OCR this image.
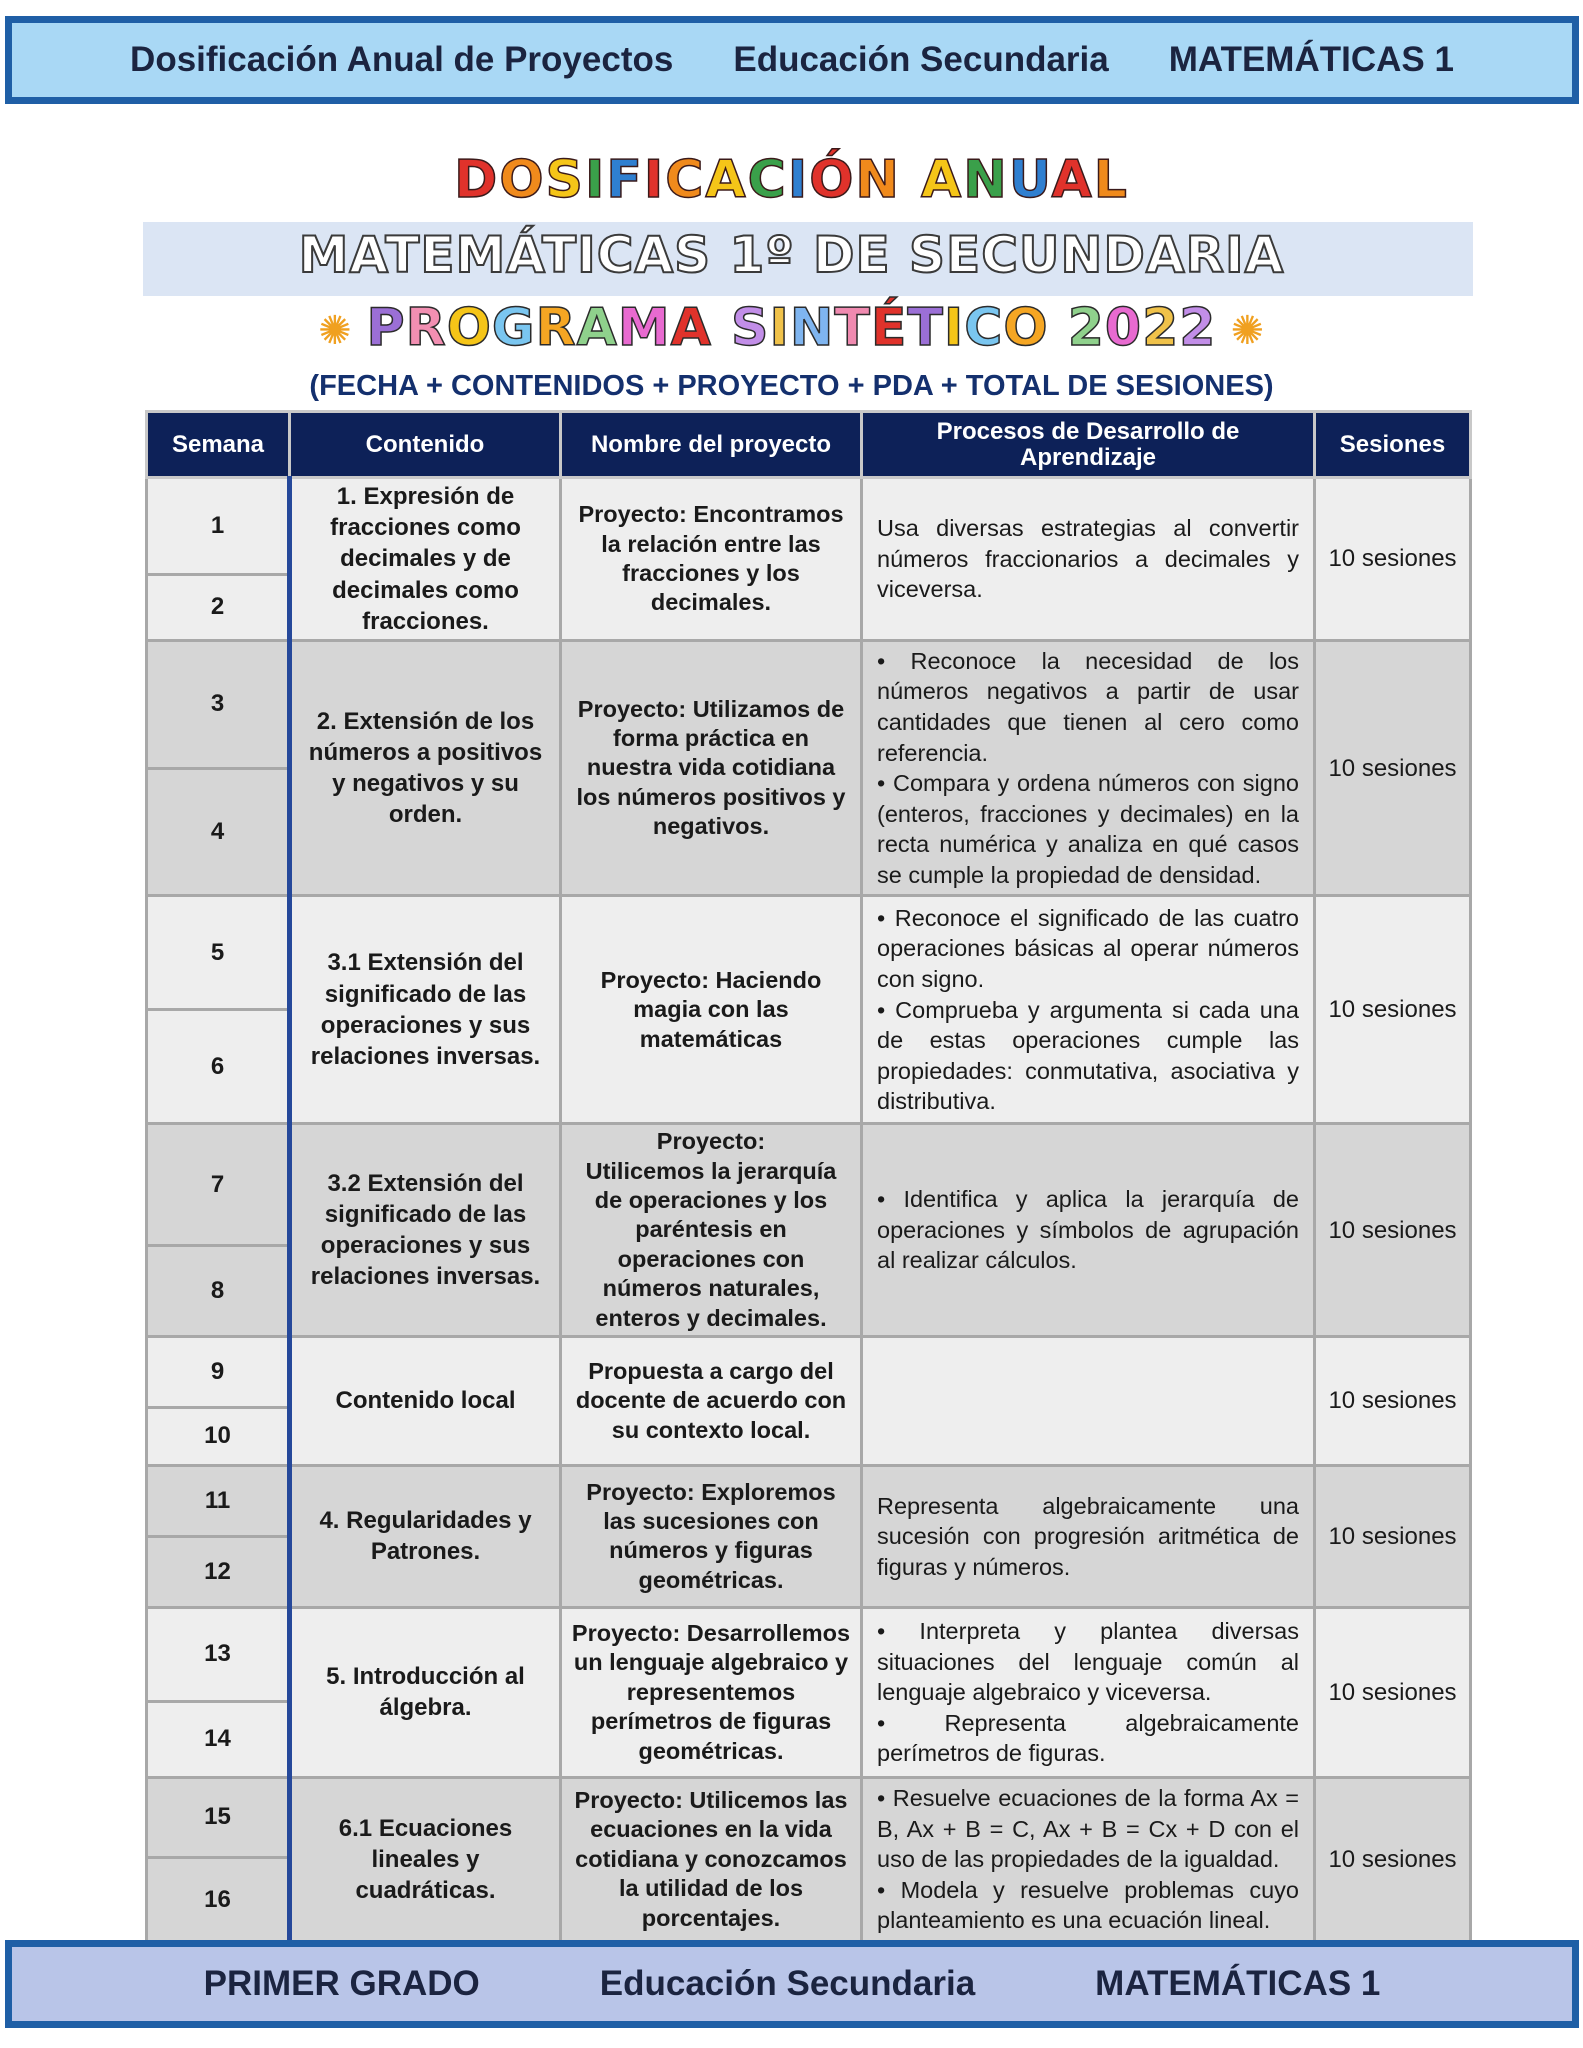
Dosificación Anual de Proyectos Educación Secundaria MATEMÁTICAS 1
DOSIFICACIÓN ANUAL
MATEMÁTICAS 1º DE SECUNDARIA
✺ PROGRAMA SINTÉTICO 2022 ✺
(FECHA + CONTENIDOS + PROYECTO + PDA + TOTAL DE SESIONES)
Semana	Contenido	Nombre del proyecto	Procesos de Desarrollo de Aprendizaje	Sesiones
1	1. Expresión de fracciones como decimales y de decimales como fracciones.	Proyecto: Encontramos la relación entre las fracciones y los decimales.	Usa diversas estrategias al convertir números fraccionarios a decimales y viceversa.	10 sesiones
2				
3	2. Extensión de los números a positivos y negativos y su orden.	Proyecto: Utilizamos de forma práctica en nuestra vida cotidiana los números positivos y negativos.	• Reconoce la necesidad de los números negativos a partir de usar cantidades que tienen al cero como referencia.

• Compara y ordena números con signo (enteros, fracciones y decimales) en la recta numérica y analiza en qué casos se cumple la propiedad de densidad.	10 sesiones
4				
5	3.1 Extensión del significado de las operaciones y sus relaciones inversas.	Proyecto: Haciendo magia con las matemáticas	• Reconoce el significado de las cuatro operaciones básicas al operar números con signo.

• Comprueba y argumenta si cada una de estas operaciones cumple las propiedades: conmutativa, asociativa y distributiva.	10 sesiones
6				
7	3.2 Extensión del significado de las operaciones y sus relaciones inversas.	Proyecto:
Utilicemos la jerarquía de operaciones y los paréntesis en operaciones con números naturales, enteros y decimales.	• Identifica y aplica la jerarquía de operaciones y símbolos de agrupación al realizar cálculos.	10 sesiones
8				
9	Contenido local	Propuesta a cargo del docente de acuerdo con su contexto local.		10 sesiones
10				
11	4. Regularidades y Patrones.	Proyecto: Exploremos las sucesiones con números y figuras geométricas.	Representa algebraicamente una sucesión con progresión aritmética de figuras y números.	10 sesiones
12				
13	5. Introducción al álgebra.	Proyecto: Desarrollemos un lenguaje algebraico y representemos perímetros de figuras geométricas.	• Interpreta y plantea diversas situaciones del lenguaje común al lenguaje algebraico y viceversa.

• Representa algebraicamente perímetros de figuras.	10 sesiones
14				
15	6.1 Ecuaciones lineales y cuadráticas.	Proyecto: Utilicemos las ecuaciones en la vida cotidiana y conozcamos la utilidad de los porcentajes.	• Resuelve ecuaciones de la forma Ax = B, Ax + B = C, Ax + B = Cx + D con el uso de las propiedades de la igualdad.

• Modela y resuelve problemas cuyo planteamiento es una ecuación lineal.	10 sesiones
16				
PRIMER GRADO	Educación Secundaria	MATEMÁTICAS 1
